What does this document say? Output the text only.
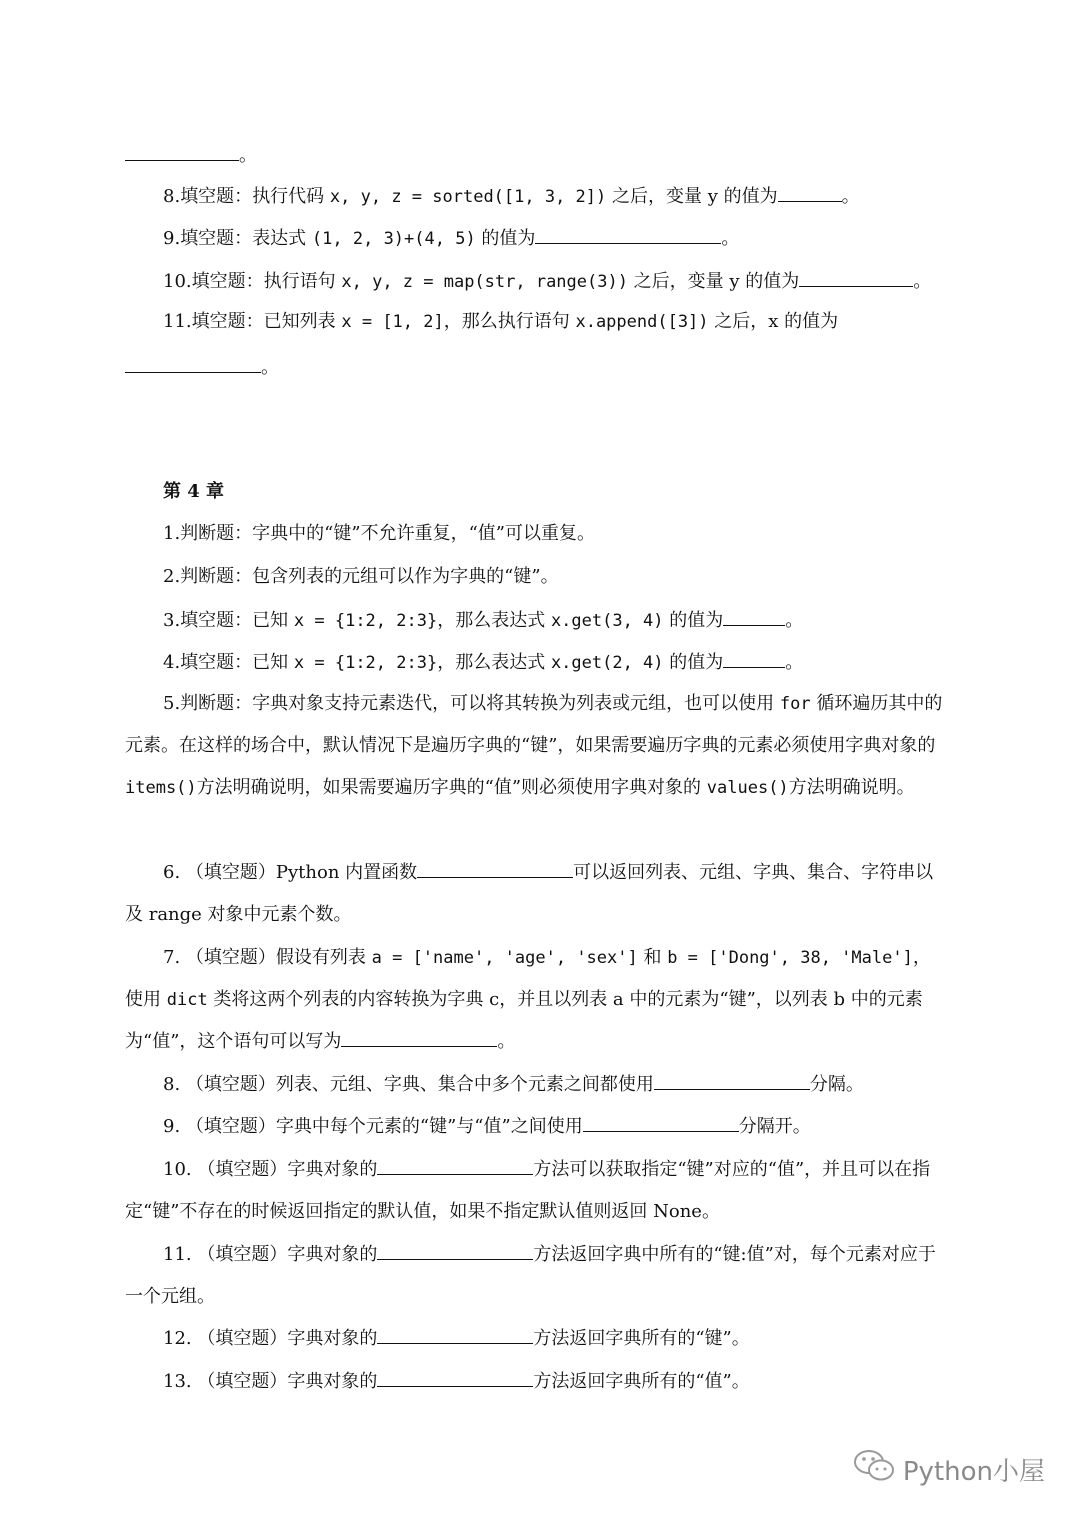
。
8.填空题：执行代码 x, y, z = sorted([1, 3, 2]) 之后，变量 y 的值为	。
9.填空题：表达式 (1, 2, 3)+(4, 5) 的值为	。
10.填空题：执行语句 x, y, z = map(str, range(3)) 之后，变量 y 的值为	。
11.填空题：已知列表 x = [1, 2]，那么执行语句 x.append([3]) 之后，x 的值为
。
第 4 章
1.判断题：字典中的“键”不允许重复，“值”可以重复。
2.判断题：包含列表的元组可以作为字典的“键”。
3.填空题：已知 x = {1:2, 2:3}，那么表达式 x.get(3, 4) 的值为	。
4.填空题：已知 x = {1:2, 2:3}，那么表达式 x.get(2, 4) 的值为	。
5.判断题：字典对象支持元素迭代，可以将其转换为列表或元组，也可以使用 for 循环遍历其中的元素。在这样的场合中，默认情况下是遍历字典的“键”，如果需要遍历字典的元素必须使用字典对象的 items()方法明确说明，如果需要遍历字典的“值”则必须使用字典对象的 values()方法明确说明。
6. （填空题）Python 内置函数	可以返回列表、元组、字典、集合、字符串以及 range 对象中元素个数。
7. （填空题）假设有列表 a = ['name', 'age', 'sex'] 和 b = ['Dong', 38, 'Male']，使用 dict 类将这两个列表的内容转换为字典 c，并且以列表 a 中的元素为“键”，以列表 b 中的元素为“值”，这个语句可以写为	。
8. （填空题）列表、元组、字典、集合中多个元素之间都使用	分隔。
9. （填空题）字典中每个元素的“键”与“值”之间使用	分隔开。
10. （填空题）字典对象的	方法可以获取指定“键”对应的“值”，并且可以在指定“键”不存在的时候返回指定的默认值，如果不指定默认值则返回 None。
11. （填空题）字典对象的	方法返回字典中所有的“键:值”对，每个元素对应于一个元组。
12. （填空题）字典对象的	方法返回字典所有的“键”。
13. （填空题）字典对象的	方法返回字典所有的“值”。
Python小屋
